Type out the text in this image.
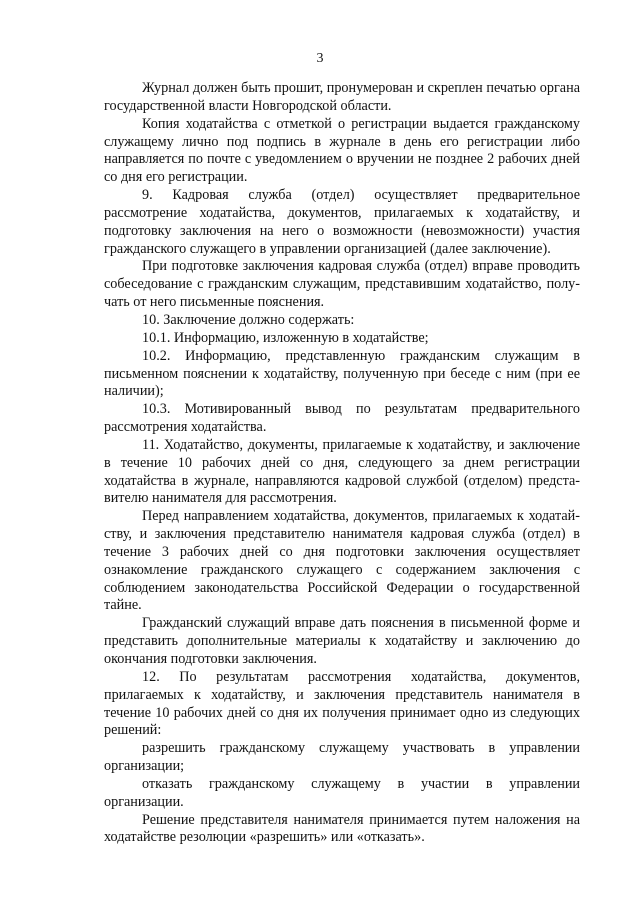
3

Журнал должен быть прошит, пронумерован и скреплен печатью органа государственной власти Новгородской области.

Копия ходатайства с отметкой о регистрации выдается гражданскому служащему лично под подпись в журнале в день его регистрации либо направляется по почте с уведомлением о вручении не позднее 2 рабочих дней со дня его регистрации.

9. Кадровая служба (отдел) осуществляет предварительное рассмотрение ходатайства, документов, прилагаемых к ходатайству, и подготовку заключения на него о возможности (невозможности) участия гражданского служащего в управлении организацией (далее заключение).

При подготовке заключения кадровая служба (отдел) вправе проводить собеседование с гражданским служащим, представившим ходатайство, получать от него письменные пояснения.

10. Заключение должно содержать:

10.1. Информацию, изложенную в ходатайстве;

10.2. Информацию, представленную гражданским служащим в письменном пояснении к ходатайству, полученную при беседе с ним (при ее наличии);

10.3. Мотивированный вывод по результатам предварительного рассмотрения ходатайства.

11. Ходатайство, документы, прилагаемые к ходатайству, и заключение в течение 10 рабочих дней со дня, следующего за днем регистрации ходатайства в журнале, направляются кадровой службой (отделом) представителю нанимателя для рассмотрения.

Перед направлением ходатайства, документов, прилагаемых к ходатайству, и заключения представителю нанимателя кадровая служба (отдел) в течение 3 рабочих дней со дня подготовки заключения осуществляет ознакомление гражданского служащего с содержанием заключения с соблюдением законодательства Российской Федерации о государственной тайне.

Гражданский служащий вправе дать пояснения в письменной форме и представить дополнительные материалы к ходатайству и заключению до окончания подготовки заключения.

12. По результатам рассмотрения ходатайства, документов, прилагаемых к ходатайству, и заключения представитель нанимателя в течение 10 рабочих дней со дня их получения принимает одно из следующих решений:

разрешить гражданскому служащему участвовать в управлении организации;

отказать гражданскому служащему в участии в управлении организации.

Решение представителя нанимателя принимается путем наложения на ходатайстве резолюции «разрешить» или «отказать».
